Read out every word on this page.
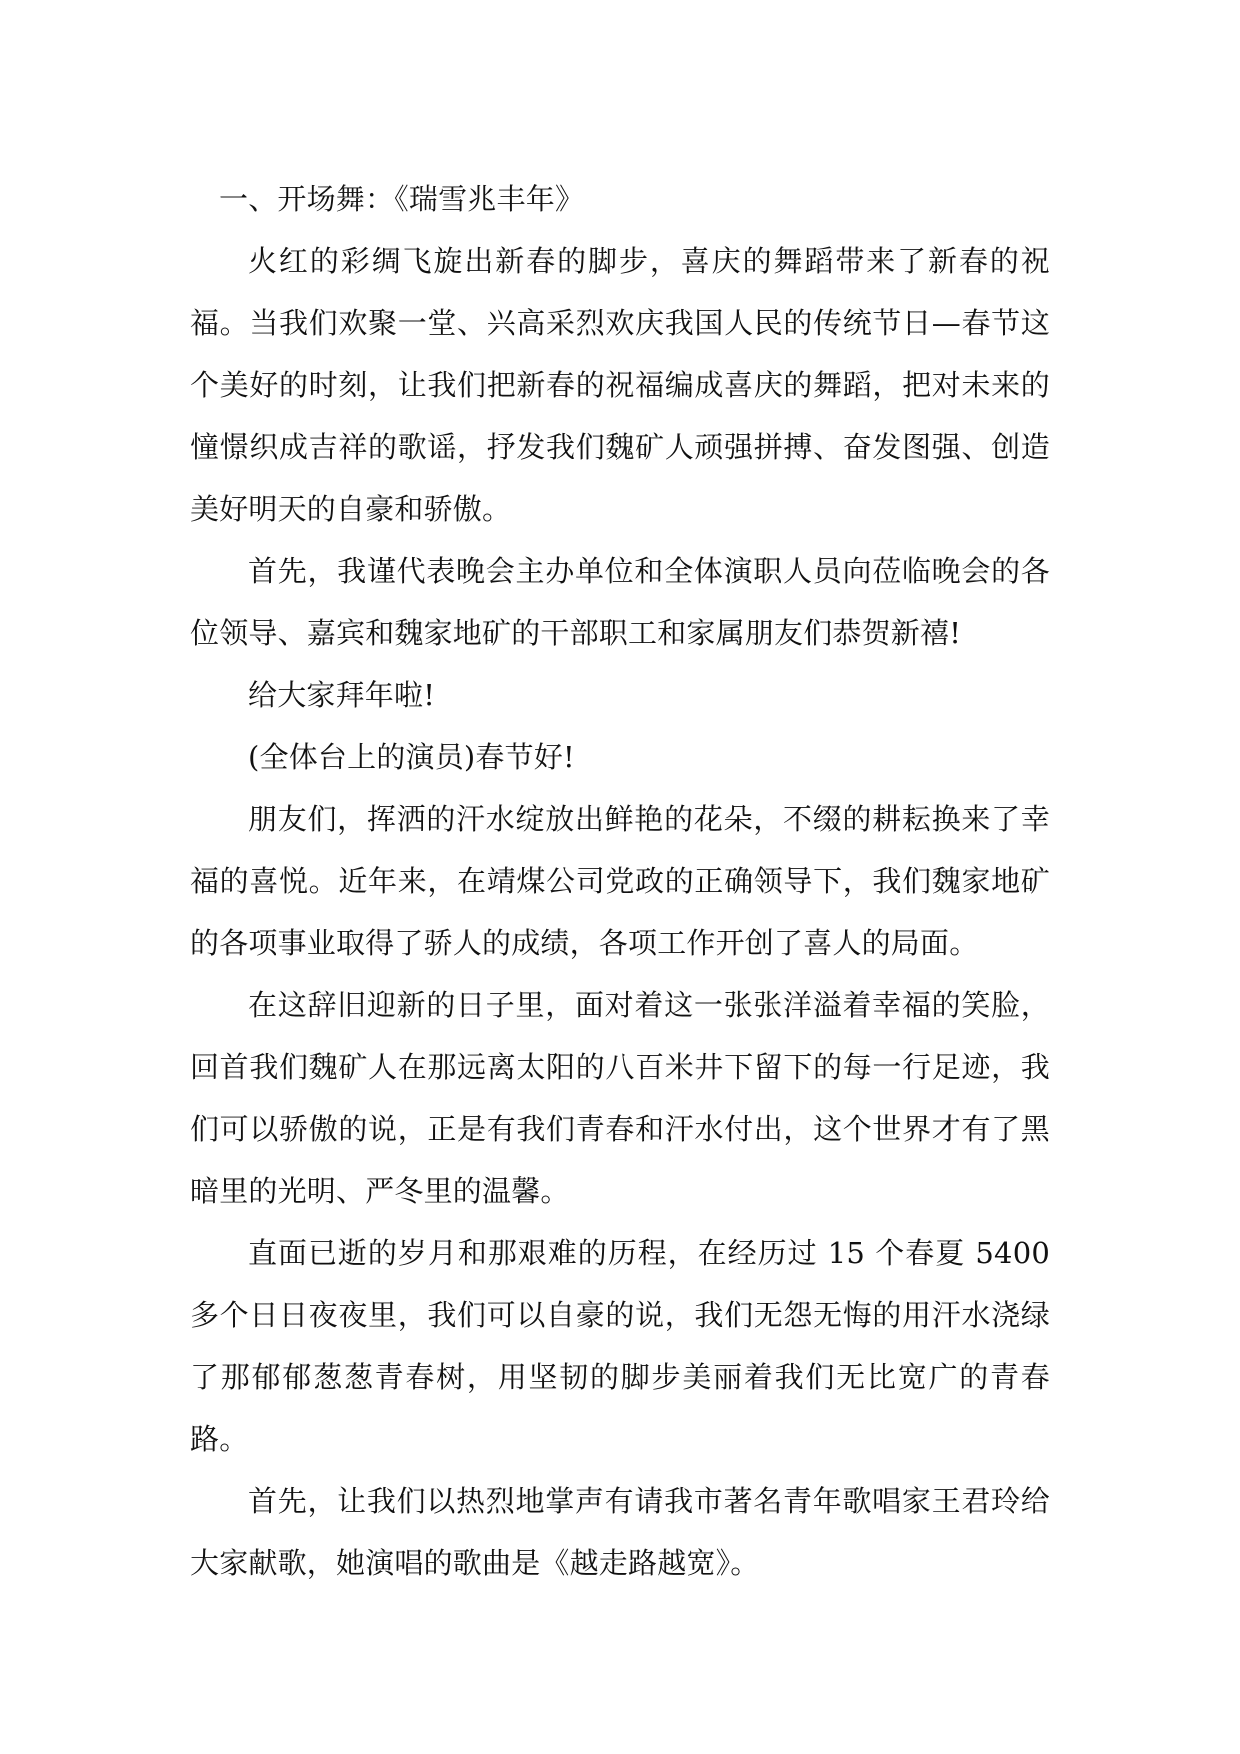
一、开场舞：《瑞雪兆丰年》

火红的彩绸飞旋出新春的脚步，喜庆的舞蹈带来了新春的祝福。当我们欢聚一堂、兴高采烈欢庆我国人民的传统节日—春节这个美好的时刻，让我们把新春的祝福编成喜庆的舞蹈，把对未来的憧憬织成吉祥的歌谣，抒发我们魏矿人顽强拼搏、奋发图强、创造美好明天的自豪和骄傲。

首先，我谨代表晚会主办单位和全体演职人员向莅临晚会的各位领导、嘉宾和魏家地矿的干部职工和家属朋友们恭贺新禧!

给大家拜年啦!

(全体台上的演员)春节好!

朋友们，挥洒的汗水绽放出鲜艳的花朵，不缀的耕耘换来了幸福的喜悦。近年来，在靖煤公司党政的正确领导下，我们魏家地矿的各项事业取得了骄人的成绩，各项工作开创了喜人的局面。

在这辞旧迎新的日子里，面对着这一张张洋溢着幸福的笑脸，回首我们魏矿人在那远离太阳的八百米井下留下的每一行足迹，我们可以骄傲的说，正是有我们青春和汗水付出，这个世界才有了黑暗里的光明、严冬里的温馨。

直面已逝的岁月和那艰难的历程，在经历过 15 个春夏 5400 多个日日夜夜里，我们可以自豪的说，我们无怨无悔的用汗水浇绿了那郁郁葱葱青春树，用坚韧的脚步美丽着我们无比宽广的青春路。

首先，让我们以热烈地掌声有请我市著名青年歌唱家王君玲给大家献歌，她演唱的歌曲是《越走路越宽》。
